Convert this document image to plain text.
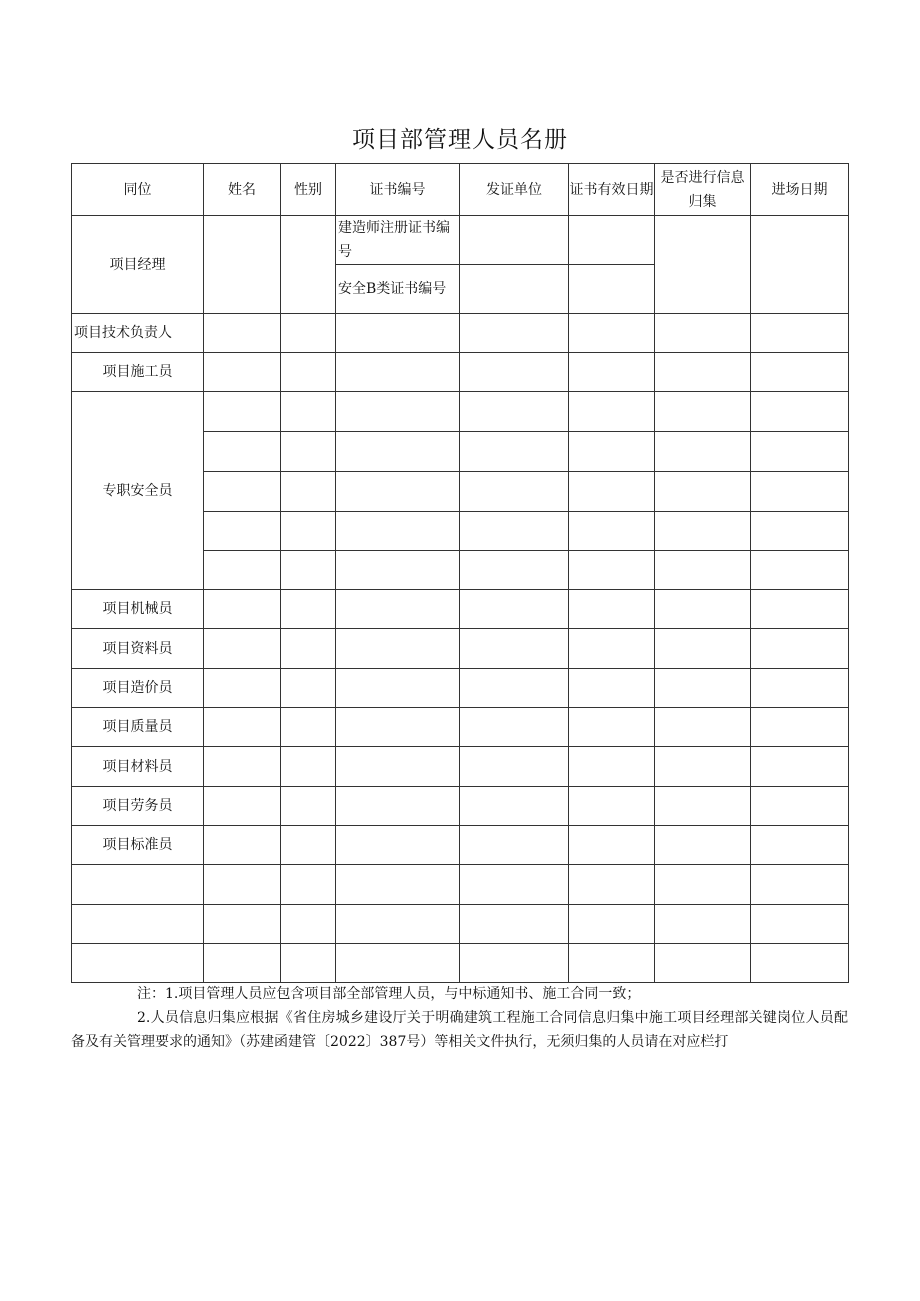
项目部管理人员名册
同位	姓名	性别	证书编号	发证单位	证书有效日期	是否进行信息归集	进场日期
项目经理			建造师注册证书编号				
			安全B类证书编号				
项目技术负责人							
项目施工员							
专职安全员							

项目机械员							
项目资料员							
项目造价员							
项目质量员							
项目材料员							
项目劳务员							
项目标准员							

注：1.项目管理人员应包含项目部全部管理人员，与中标通知书、施工合同一致；

2.人员信息归集应根据《省住房城乡建设厅关于明确建筑工程施工合同信息归集中施工项目经理部关键岗位人员配备及有关管理要求的通知》（苏建函建管〔2022〕387号）等相关文件执行，无须归集的人员请在对应栏打
